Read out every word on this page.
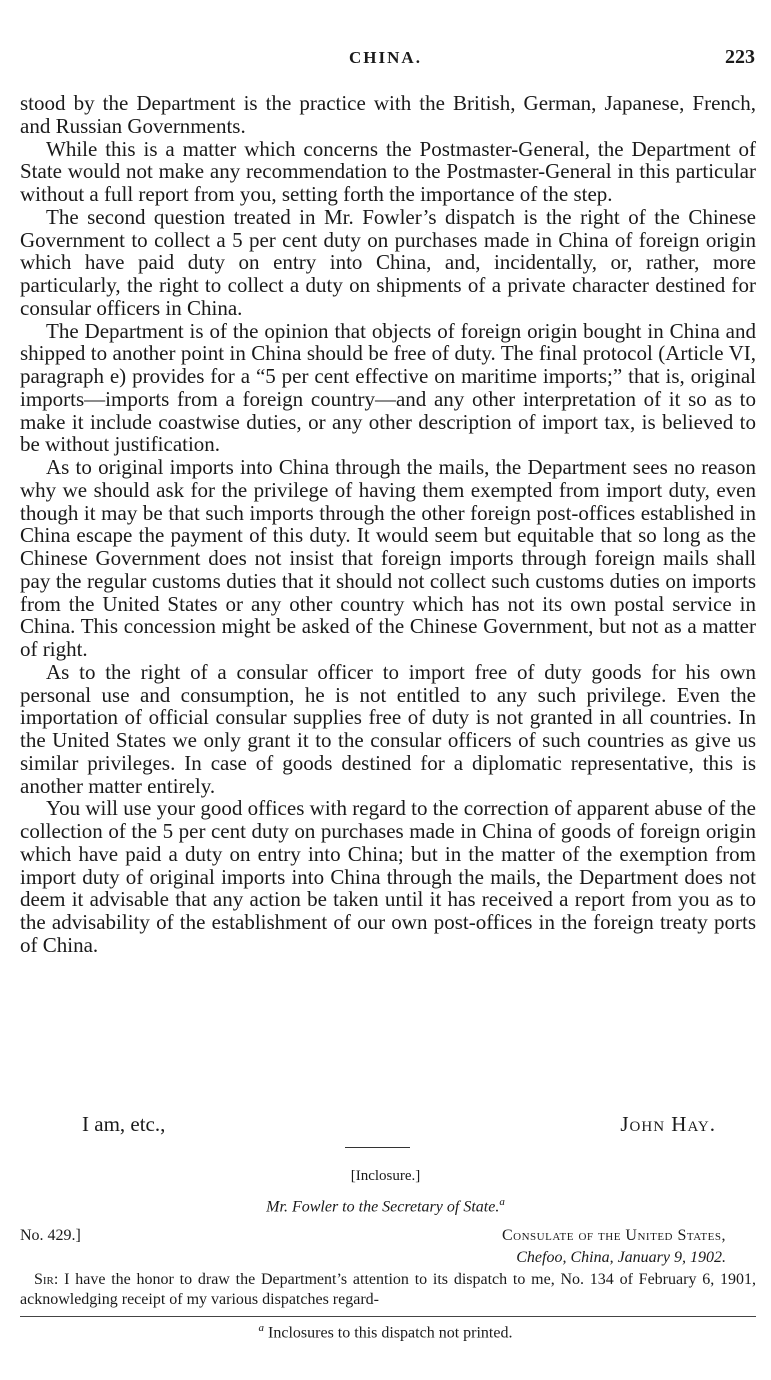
CHINA.	223

stood by the Department is the practice with the British, German, Japanese, French, and Russian Governments.

While this is a matter which concerns the Postmaster-General, the Department of State would not make any recommendation to the Postmaster-General in this particular without a full report from you, setting forth the importance of the step.

The second question treated in Mr. Fowler’s dispatch is the right of the Chinese Government to collect a 5 per cent duty on purchases made in China of foreign origin which have paid duty on entry into China, and, incidentally, or, rather, more particularly, the right to collect a duty on shipments of a private character destined for consular officers in China.

The Department is of the opinion that objects of foreign origin bought in China and shipped to another point in China should be free of duty. The final protocol (Article VI, paragraph e) provides for a “5 per cent effective on maritime imports;” that is, original imports—imports from a foreign country—and any other interpretation of it so as to make it include coastwise duties, or any other description of import tax, is believed to be without justification.

As to original imports into China through the mails, the Department sees no reason why we should ask for the privilege of having them exempted from import duty, even though it may be that such imports through the other foreign post-offices established in China escape the payment of this duty. It would seem but equitable that so long as the Chinese Government does not insist that foreign imports through foreign mails shall pay the regular customs duties that it should not collect such customs duties on imports from the United States or any other country which has not its own postal service in China. This concession might be asked of the Chinese Government, but not as a matter of right.

As to the right of a consular officer to import free of duty goods for his own personal use and consumption, he is not entitled to any such privilege. Even the importation of official consular supplies free of duty is not granted in all countries. In the United States we only grant it to the consular officers of such countries as give us similar privileges. In case of goods destined for a diplomatic representative, this is another matter entirely.

You will use your good offices with regard to the correction of apparent abuse of the collection of the 5 per cent duty on purchases made in China of goods of foreign origin which have paid a duty on entry into China; but in the matter of the exemption from import duty of original imports into China through the mails, the Department does not deem it advisable that any action be taken until it has received a report from you as to the advisability of the establishment of our own post-offices in the foreign treaty ports of China.

I am, etc.,	John Hay.
[Inclosure.]
Mr. Fowler to the Secretary of State.$^a$
No. 429.]	Consulate of the United States,
Chefoo, China, January 9, 1902.

Sir: I have the honor to draw the Department’s attention to its dispatch to me, No. 134 of February 6, 1901, acknowledging receipt of my various dispatches regard-

$^a$ Inclosures to this dispatch not printed.
